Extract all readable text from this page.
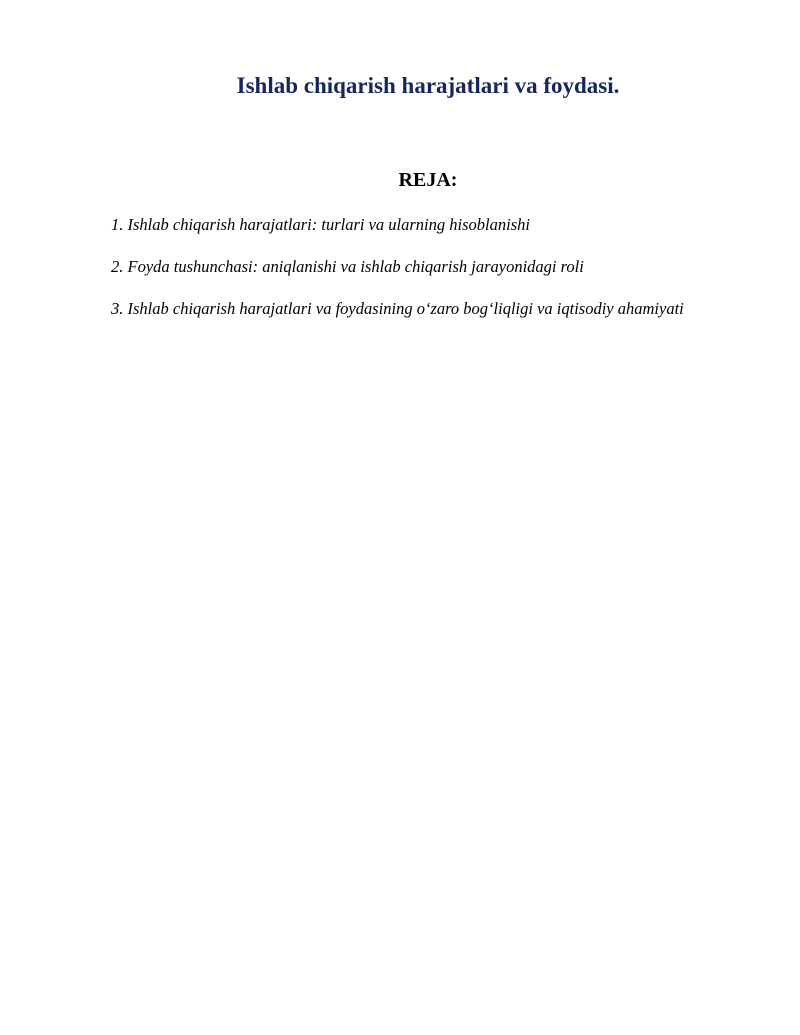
Ishlab chiqarish harajatlari va foydasi.
REJA:
1. Ishlab chiqarish harajatlari: turlari va ularning hisoblanishi
2. Foyda tushunchasi: aniqlanishi va ishlab chiqarish jarayonidagi roli
3. Ishlab chiqarish harajatlari va foydasining o‘zaro bog‘liqligi va iqtisodiy ahamiyati
